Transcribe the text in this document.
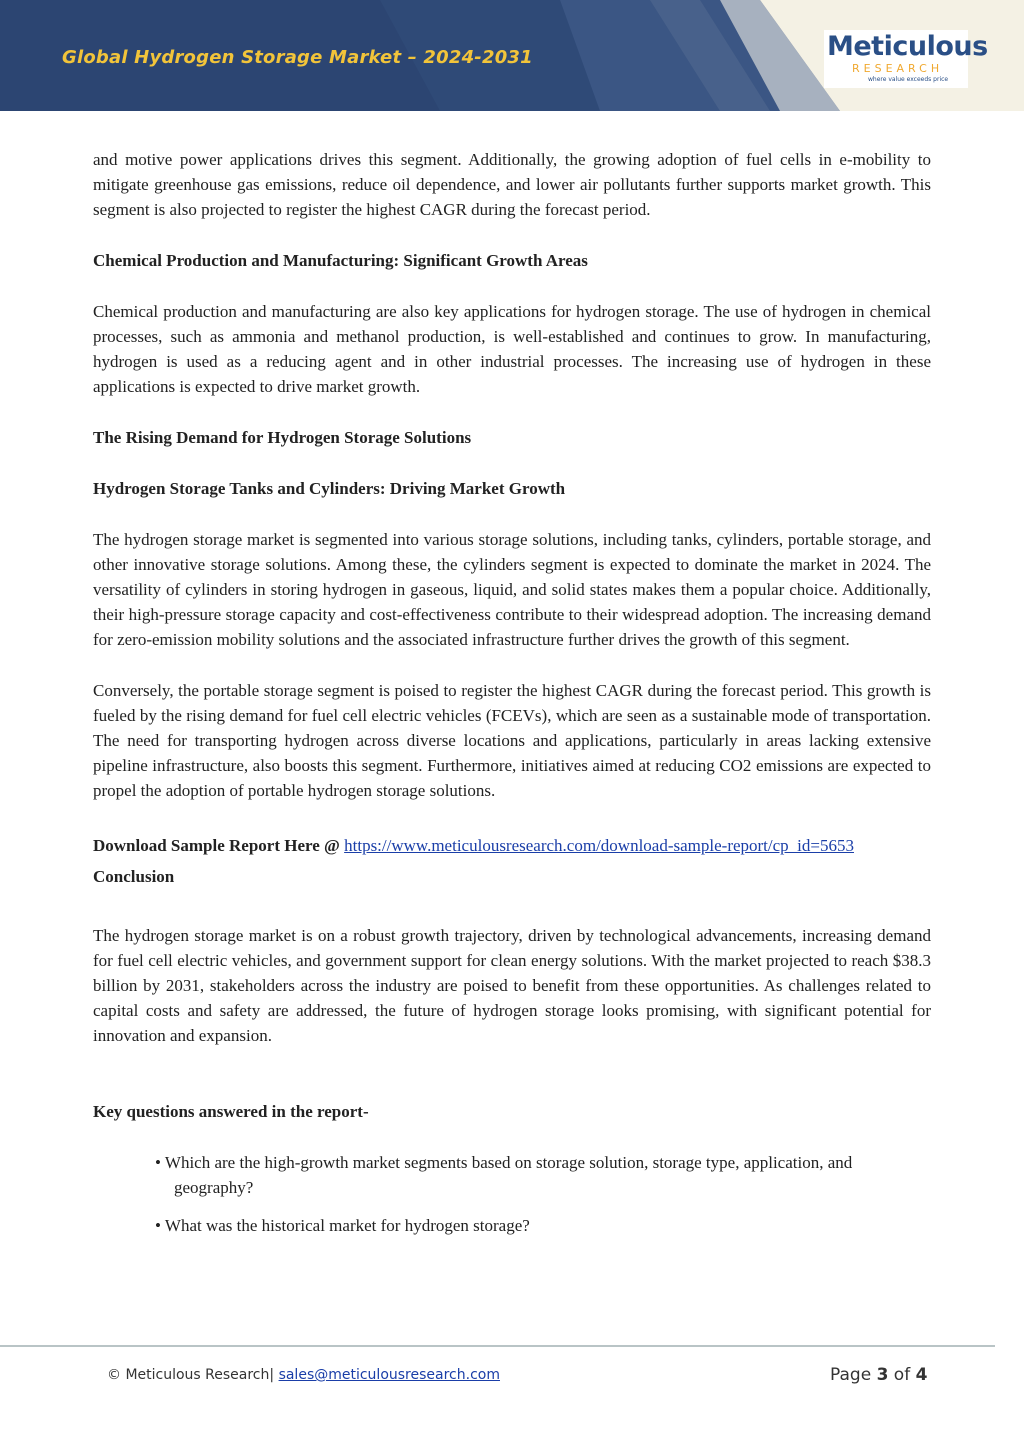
Global Hydrogen Storage Market – 2024-2031	Meticulous
RESEARCH
where value exceeds price

and motive power applications drives this segment. Additionally, the growing adoption of fuel cells in e-mobility to mitigate greenhouse gas emissions, reduce oil dependence, and lower air pollutants further supports market growth. This segment is also projected to register the highest CAGR during the forecast period.

Chemical Production and Manufacturing: Significant Growth Areas

Chemical production and manufacturing are also key applications for hydrogen storage. The use of hydrogen in chemical processes, such as ammonia and methanol production, is well-established and continues to grow. In manufacturing, hydrogen is used as a reducing agent and in other industrial processes. The increasing use of hydrogen in these applications is expected to drive market growth.

The Rising Demand for Hydrogen Storage Solutions
Hydrogen Storage Tanks and Cylinders: Driving Market Growth

The hydrogen storage market is segmented into various storage solutions, including tanks, cylinders, portable storage, and other innovative storage solutions. Among these, the cylinders segment is expected to dominate the market in 2024. The versatility of cylinders in storing hydrogen in gaseous, liquid, and solid states makes them a popular choice. Additionally, their high-pressure storage capacity and cost-effectiveness contribute to their widespread adoption. The increasing demand for zero-emission mobility solutions and the associated infrastructure further drives the growth of this segment.

Conversely, the portable storage segment is poised to register the highest CAGR during the forecast period. This growth is fueled by the rising demand for fuel cell electric vehicles (FCEVs), which are seen as a sustainable mode of transportation. The need for transporting hydrogen across diverse locations and applications, particularly in areas lacking extensive pipeline infrastructure, also boosts this segment. Furthermore, initiatives aimed at reducing CO2 emissions are expected to propel the adoption of portable hydrogen storage solutions.

Download Sample Report Here @ https://www.meticulousresearch.com/download-sample-report/cp_id=5653

Conclusion

The hydrogen storage market is on a robust growth trajectory, driven by technological advancements, increasing demand for fuel cell electric vehicles, and government support for clean energy solutions. With the market projected to reach $38.3 billion by 2031, stakeholders across the industry are poised to benefit from these opportunities. As challenges related to capital costs and safety are addressed, the future of hydrogen storage looks promising, with significant potential for innovation and expansion.

Key questions answered in the report-
• Which are the high-growth market segments based on storage solution, storage type, application, and geography?
• What was the historical market for hydrogen storage?
© Meticulous Research| sales@meticulousresearch.com	Page 3 of 4
